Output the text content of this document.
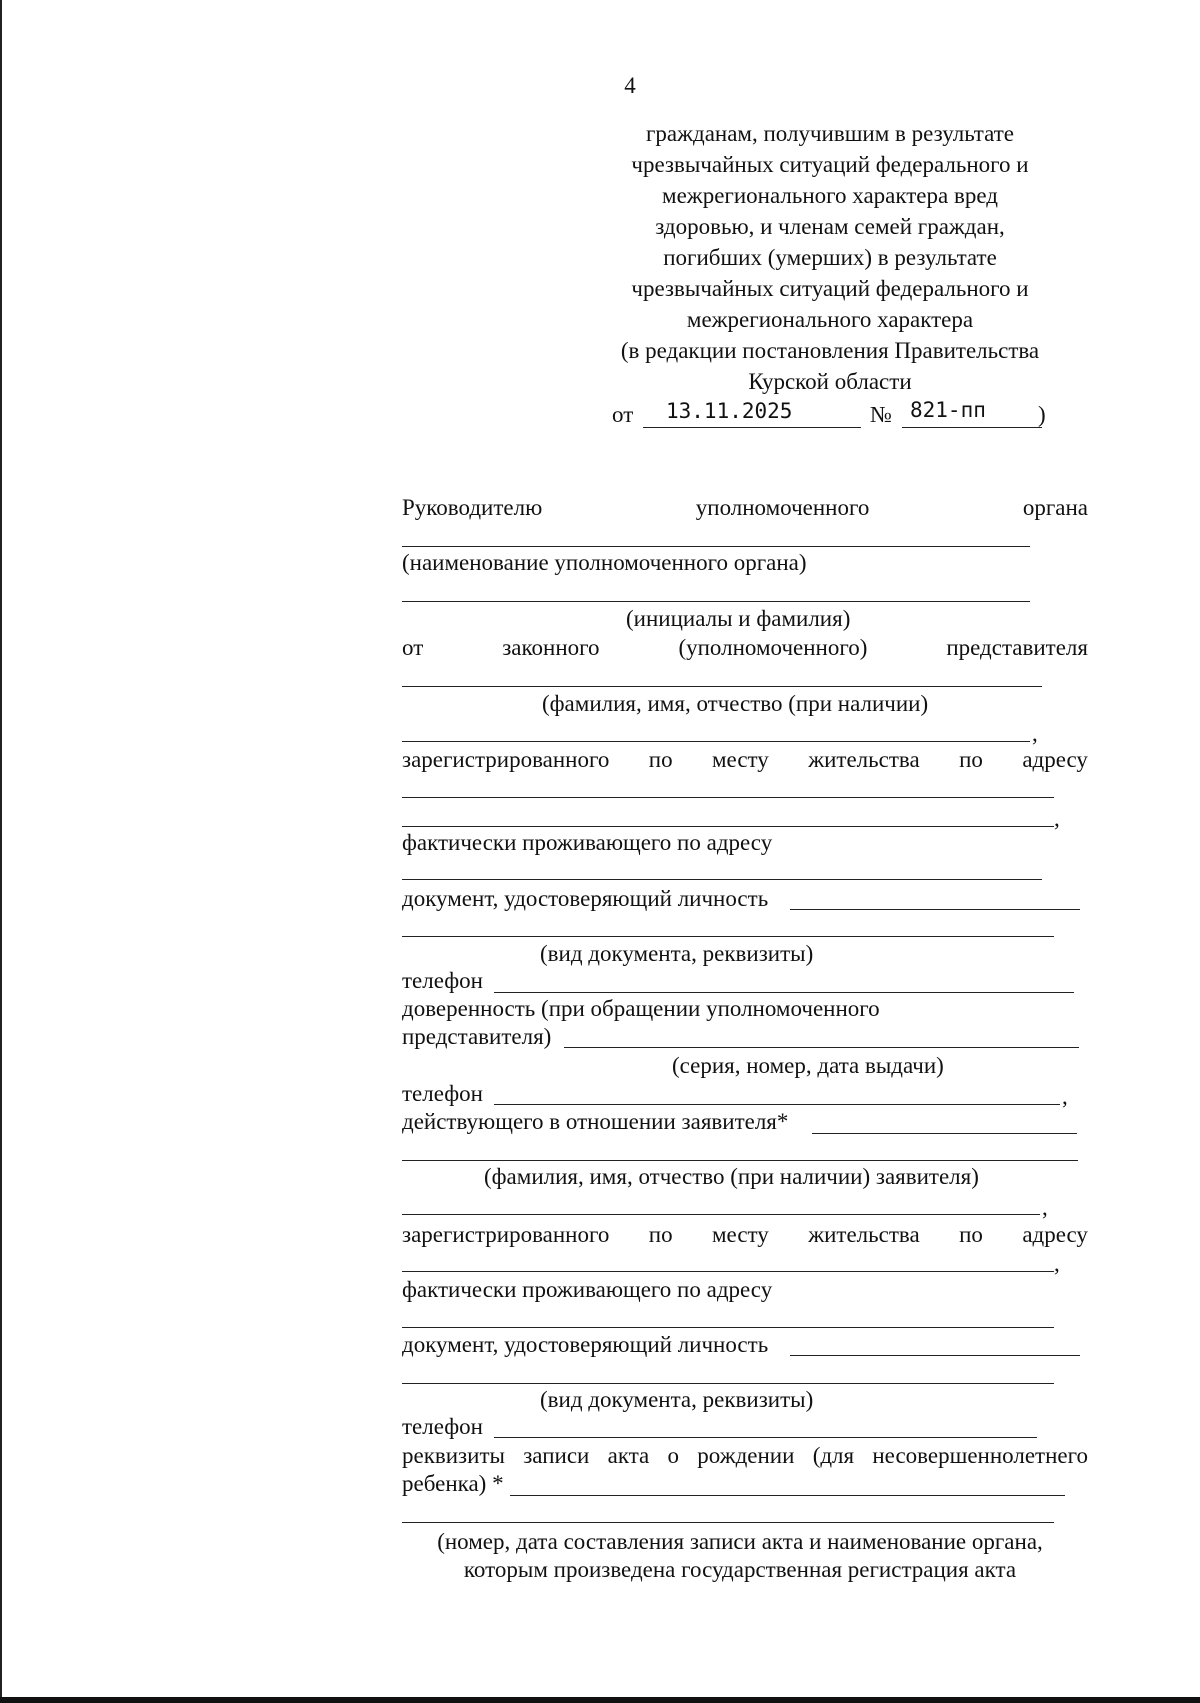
4
гражданам, получившим в результате
чрезвычайных ситуаций федерального и
межрегионального характера вред
здоровью, и членам семей граждан,
погибших (умерших) в результате
чрезвычайных ситуаций федерального и
межрегионального характера
(в редакции постановления Правительства
Курской области
от 13.11.2025	№ 821-пп )
Руководителю	уполномоченного	органа
(наименование уполномоченного органа)
(инициалы и фамилия)
от	законного	(уполномоченного)	представителя
(фамилия, имя, отчество (при наличии)
,
зарегистрированного по месту жительства по адресу
,
фактически проживающего по адресу
документ, удостоверяющий личность
(вид документа, реквизиты)
телефон
доверенность (при обращении уполномоченного
представителя)
(серия, номер, дата выдачи)
телефон	,
действующего в отношении заявителя*
(фамилия, имя, отчество (при наличии) заявителя)
,
зарегистрированного по месту жительства по адресу
,
фактически проживающего по адресу
документ, удостоверяющий личность
(вид документа, реквизиты)
телефон
реквизиты записи акта о рождении (для несовершеннолетнего
ребенка) *
(номер, дата составления записи акта и наименование органа,
которым произведена государственная регистрация акта
